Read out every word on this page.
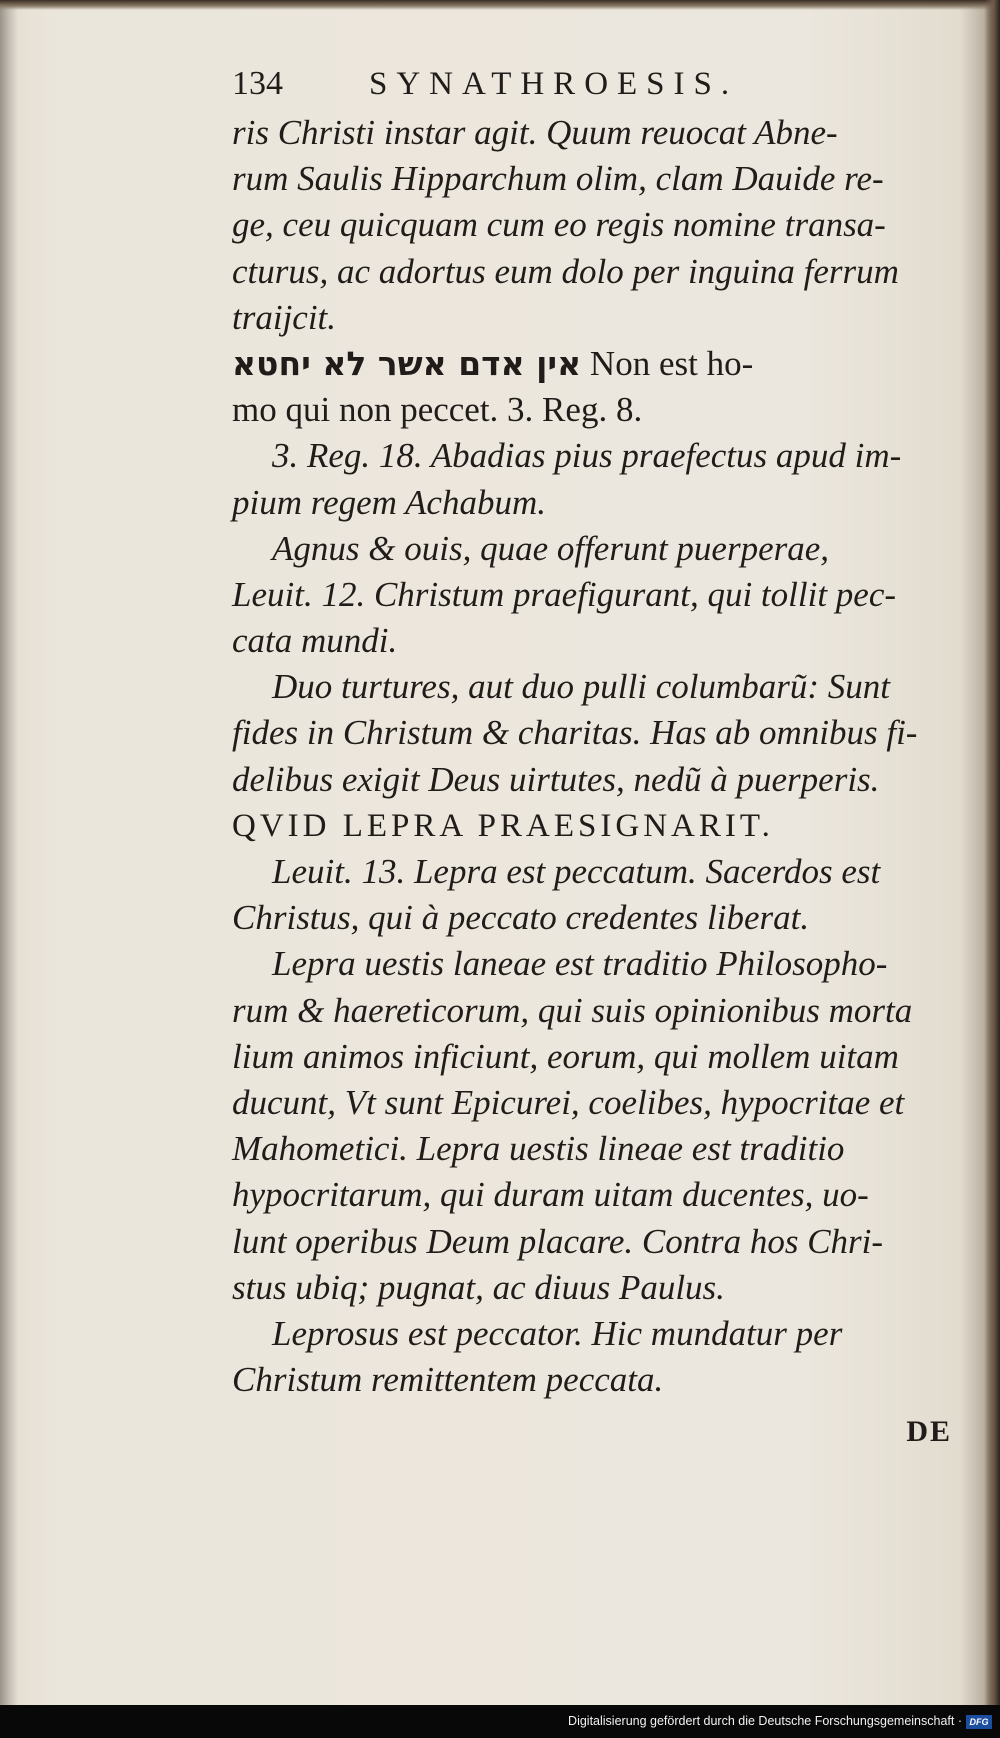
134	SYNATHROESIS.
ris Christi instar agit. Quum reuocat Abne-
rum Saulis Hipparchum olim, clam Dauide re-
ge, ceu quicquam cum eo regis nomine transa-
cturus, ac adortus eum dolo per inguina ferrum
traijcit.
אין אדם אשר לא יחטא Non est ho-
mo qui non peccet. 3. Reg. 8.
3. Reg. 18. Abadias pius praefectus apud im-
pium regem Achabum.
Agnus & ouis, quae offerunt puerperae,
Leuit. 12. Christum praefigurant, qui tollit pec-
cata mundi.
Duo turtures, aut duo pulli columbarũ: Sunt
fides in Christum & charitas. Has ab omnibus fi-
delibus exigit Deus uirtutes, nedũ à puerperis.
QVID LEPRA PRAESIGNARIT.
Leuit. 13. Lepra est peccatum. Sacerdos est
Christus, qui à peccato credentes liberat.
Lepra uestis laneae est traditio Philosopho-
rum & haereticorum, qui suis opinionibus morta
lium animos inficiunt, eorum, qui mollem uitam
ducunt, Vt sunt Epicurei, coelibes, hypocritae et
Mahometici. Lepra uestis lineae est traditio
hypocritarum, qui duram uitam ducentes, uo-
lunt operibus Deum placare. Contra hos Chri-
stus ubiq; pugnat, ac diuus Paulus.
Leprosus est peccator. Hic mundatur per
Christum remittentem peccata.
DE
Digitalisierung gefördert durch die Deutsche Forschungsgemeinschaft · DFG
